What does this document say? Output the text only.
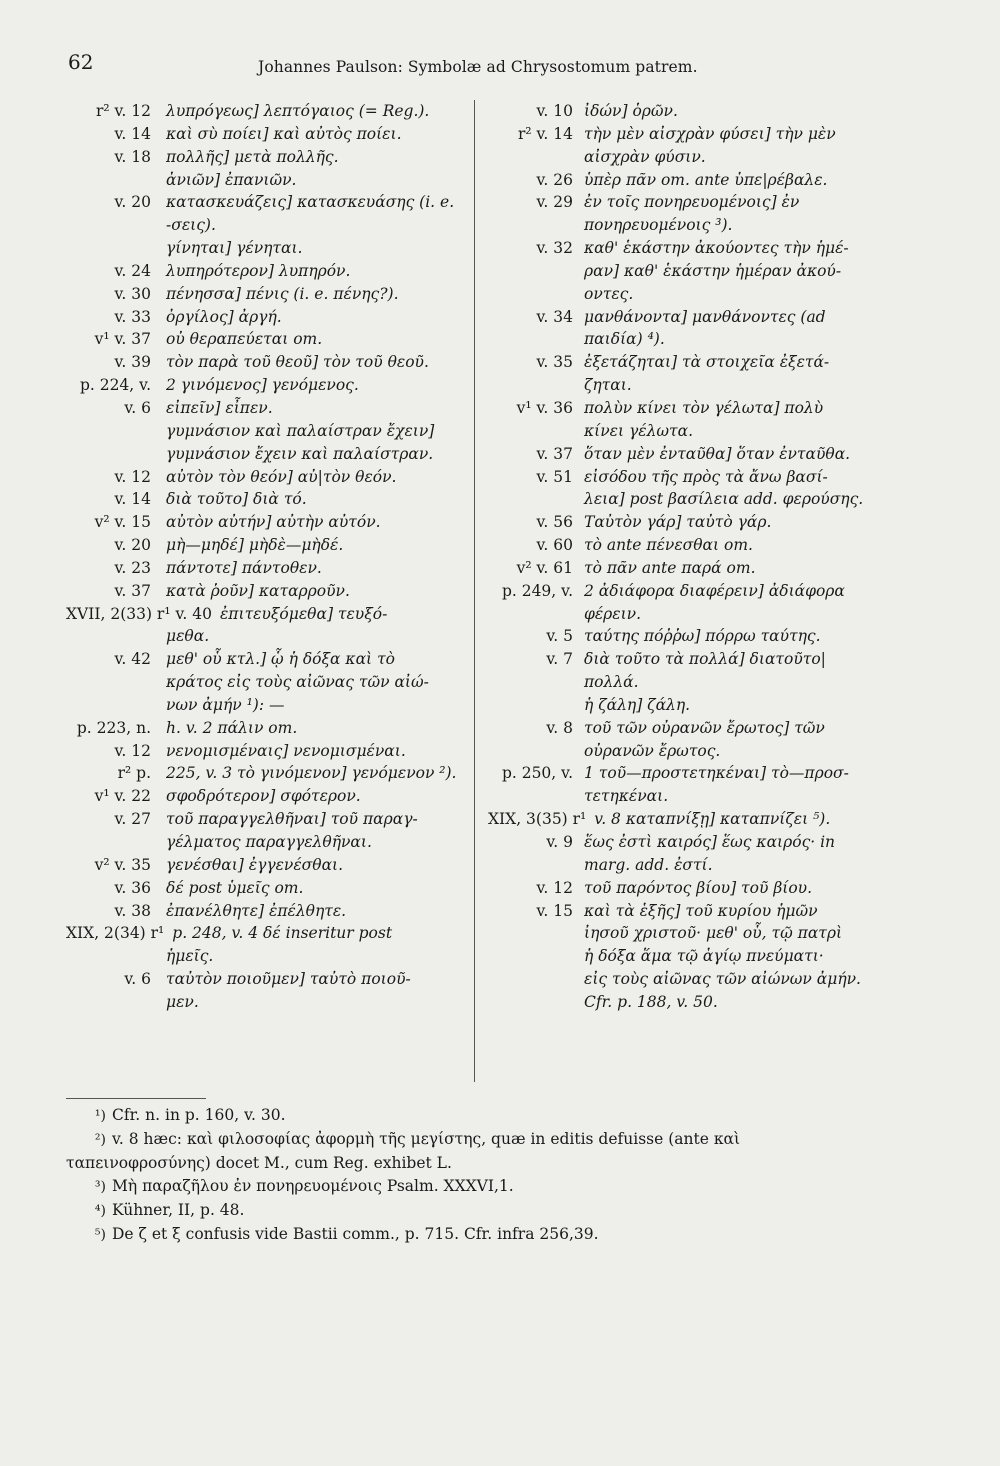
62	Johannes Paulson: Symbolæ ad Chrysostomum patrem.
r² v. 12 λυπρόγεως] λεπτόγαιος (= Reg.).
v. 14 καὶ σὺ ποίει] καὶ αὐτὸς ποίει.
v. 18 πολλῆς] μετὰ πολλῆς.
ἀνιῶν] ἐπανιῶν.
v. 20 κατασκευάζεις] κατασκευάσης (i. e.
-σεις).
γίνηται] γένηται.
v. 24 λυπηρότερον] λυπηρόν.
v. 30 πένησσα] πένις (i. e. πένης?).
v. 33 ὀργίλος] ἀργή.
v¹ v. 37 οὐ θεραπεύεται om.
v. 39 τὸν παρὰ τοῦ θεοῦ] τὸν τοῦ θεοῦ.
p. 224, v. 2 γινόμενος] γενόμενος.
v. 6 εἰπεῖν] εἶπεν.
γυμνάσιον καὶ παλαίστραν ἔχειν]
γυμνάσιον ἔχειν καὶ παλαίστραν.
v. 12 αὐτὸν τὸν θεόν] αὐ|τὸν θεόν.
v. 14 διὰ τοῦτο] διὰ τό.
v² v. 15 αὐτὸν αὐτήν] αὐτὴν αὐτόν.
v. 20 μὴ—μηδέ] μὴδὲ—μὴδέ.
v. 23 πάντοτε] πάντοθεν.
v. 37 κατὰ ῥοῦν] καταρροῦν.
XVII, 2(33) r¹ v. 40 ἐπιτευξόμεθα] τευξό-
μεθα.
v. 42 μεθ' οὗ κτλ.] ᾧ ἡ δόξα καὶ τὸ
κράτος εἰς τοὺς αἰῶνας τῶν αἰώ-
νων ἀμήν ¹): —
p. 223, n. h. v. 2 πάλιν om.
v. 12 νενομισμέναις] νενομισμέναι.
r² p. 225, v. 3 τὸ γινόμενον] γενόμενον ²).
v¹ v. 22 σφοδρότερον] σφότερον.
v. 27 τοῦ παραγγελθῆναι] τοῦ παραγ-
γέλματος παραγγελθῆναι.
v² v. 35 γενέσθαι] ἐγγενέσθαι.
v. 36 δέ post ὑμεῖς om.
v. 38 ἐπανέλθητε] ἐπέλθητε.
XIX, 2(34) r¹ p. 248, v. 4 δέ inseritur post
ἡμεῖς.
v. 6 ταὐτὸν ποιοῦμεν] ταὐτὸ ποιοῦ-
μεν.
v. 10 ἰδών] ὁρῶν.
r² v. 14 τὴν μὲν αἰσχρὰν φύσει] τὴν μὲν
αἰσχρὰν φύσιν.
v. 26 ὑπὲρ πᾶν om. ante ὑπε|ρέβαλε.
v. 29 ἐν τοῖς πονηρευομένοις] ἐν
πονηρευομένοις ³).
v. 32 καθ' ἑκάστην ἀκούοντες τὴν ἡμέ-
ραν] καθ' ἑκάστην ἡμέραν ἀκού-
οντες.
v. 34 μανθάνοντα] μανθάνοντες (ad
παιδία) ⁴).
v. 35 ἐξετάζηται] τὰ στοιχεῖα ἐξετά-
ζηται.
v¹ v. 36 πολὺν κίνει τὸν γέλωτα] πολὺ
κίνει γέλωτα.
v. 37 ὅταν μὲν ἐνταῦθα] ὅταν ἐνταῦθα.
v. 51 εἰσόδου τῆς πρὸς τὰ ἄνω βασί-
λεια] post βασίλεια add. φερούσης.
v. 56 Ταὐτὸν γάρ] ταὐτὸ γάρ.
v. 60 τὸ ante πένεσθαι om.
v² v. 61 τὸ πᾶν ante παρά om.
p. 249, v. 2 ἀδιάφορα διαφέρειν] ἀδιάφορα
φέρειν.
v. 5 ταύτης πόῤῥω] πόρρω ταύτης.
v. 7 διὰ τοῦτο τὰ πολλά] διατοῦτο|
πολλά.
ἡ ζάλη] ζάλη.
v. 8 τοῦ τῶν οὐρανῶν ἔρωτος] τῶν
οὐρανῶν ἔρωτος.
p. 250, v. 1 τοῦ—προστετηκέναι] τὸ—προσ-
τετηκέναι.
XIX, 3(35) r¹ v. 8 καταπνίξῃ] καταπνίζει ⁵).
v. 9 ἕως ἐστὶ καιρός] ἕως καιρός· in
marg. add. ἐστί.
v. 12 τοῦ παρόντος βίου] τοῦ βίου.
v. 15 καὶ τὰ ἑξῆς] τοῦ κυρίου ἡμῶν
ἰησοῦ χριστοῦ· μεθ' οὗ, τῷ πατρὶ
ἡ δόξα ἅμα τῷ ἁγίῳ πνεύματι·
εἰς τοὺς αἰῶνας τῶν αἰώνων ἀμήν.
Cfr. p. 188, v. 50.
¹) Cfr. n. in p. 160, v. 30.
²) v. 8 hæc: καὶ φιλοσοφίας ἀφορμὴ τῆς μεγίστης, quæ in editis defuisse (ante καὶ
ταπεινοφροσύνης) docet M., cum Reg. exhibet L.
³) Μὴ παραζῆλου ἐν πονηρευομένοις Psalm. XXXVI,1.
⁴) Kühner, II, p. 48.
⁵) De ζ et ξ confusis vide Bastii comm., p. 715. Cfr. infra 256,39.
